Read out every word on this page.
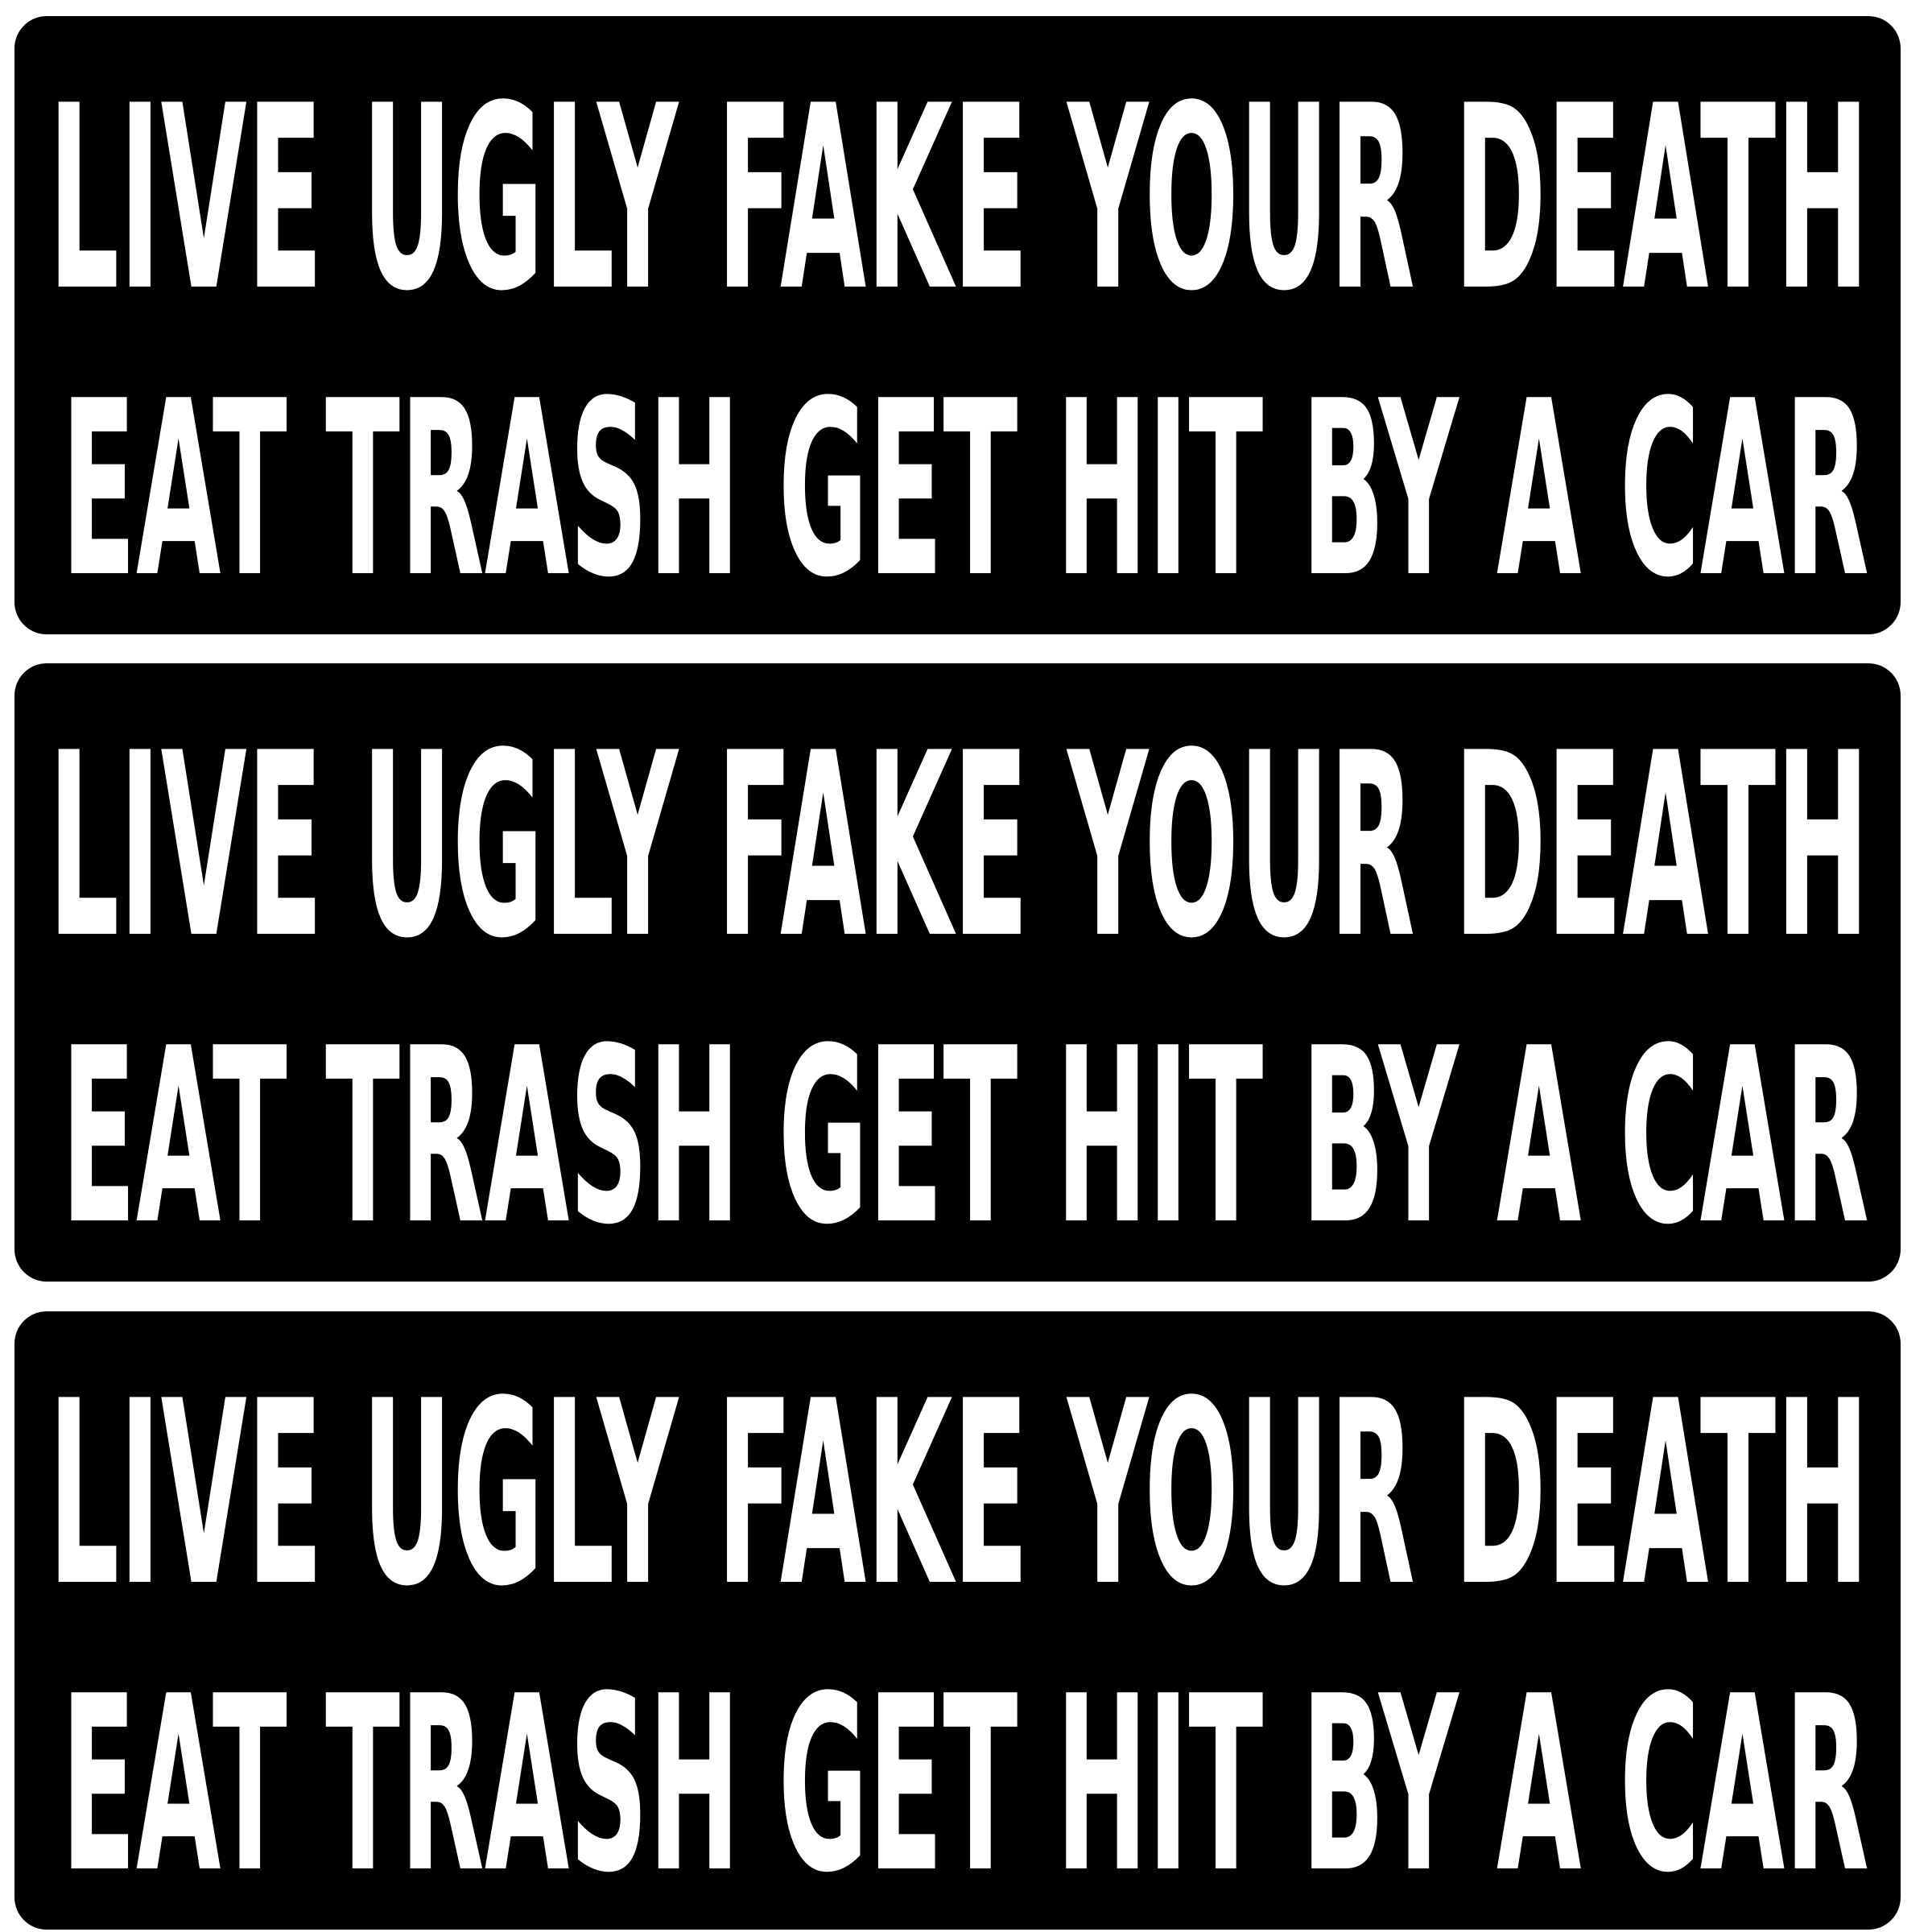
LIVE UGLY FAKE YOUR DEATH
EAT TRASH GET HIT BY A CAR
LIVE UGLY FAKE YOUR DEATH
EAT TRASH GET HIT BY A CAR
LIVE UGLY FAKE YOUR DEATH
EAT TRASH GET HIT BY A CAR
